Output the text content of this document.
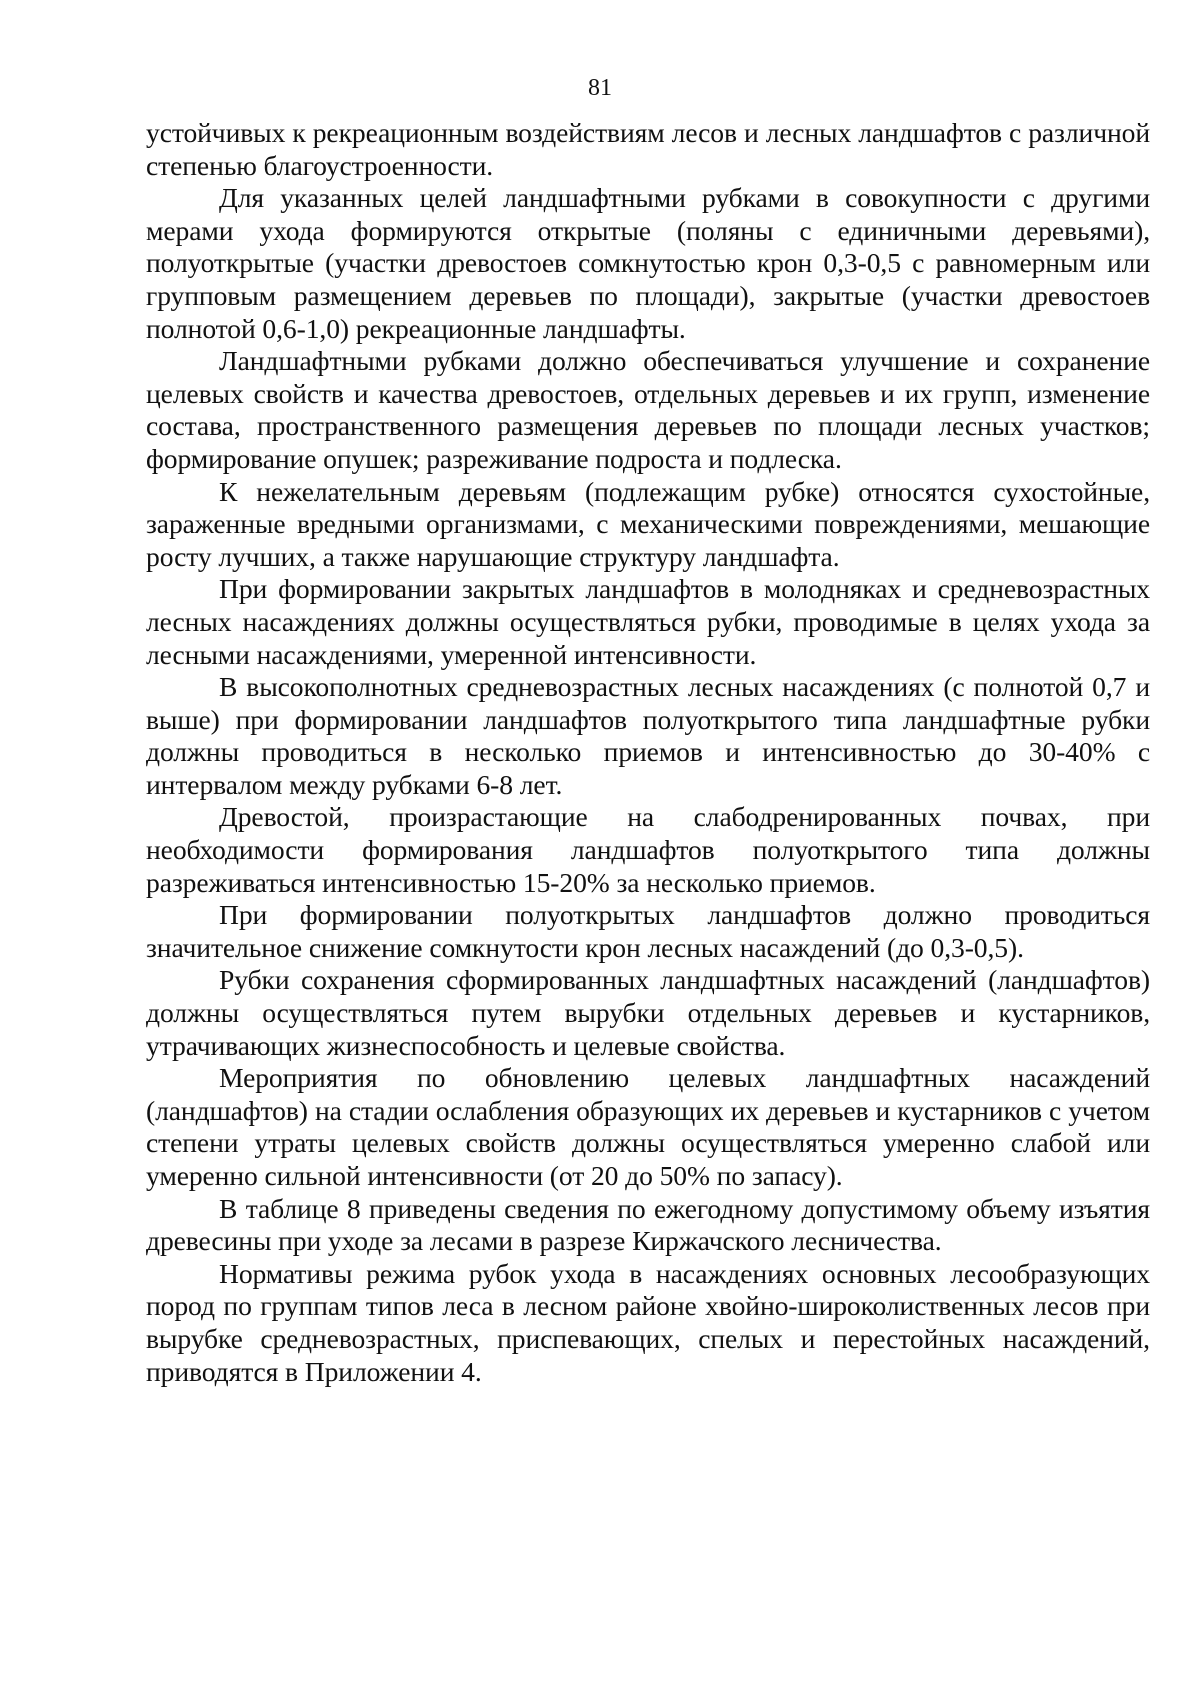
81

устойчивых к рекреационным воздействиям лесов и лесных ландшафтов с различной степенью благоустроенности.

Для указанных целей ландшафтными рубками в совокупности с другими мерами ухода формируются открытые (поляны с единичными деревьями), полуоткрытые (участки древостоев сомкнутостью крон 0,3-0,5 с равномерным или групповым размещением деревьев по площади), закрытые (участки древостоев полнотой 0,6-1,0) рекреационные ландшафты.

Ландшафтными рубками должно обеспечиваться улучшение и сохранение целевых свойств и качества древостоев, отдельных деревьев и их групп, изменение состава, пространственного размещения деревьев по площади лесных участков; формирование опушек; разреживание подроста и подлеска.

К нежелательным деревьям (подлежащим рубке) относятся сухостойные, зараженные вредными организмами, с механическими повреждениями, мешающие росту лучших, а также нарушающие структуру ландшафта.

При формировании закрытых ландшафтов в молодняках и средневозрастных лесных насаждениях должны осуществляться рубки, проводимые в целях ухода за лесными насаждениями, умеренной интенсивности.

В высокополнотных средневозрастных лесных насаждениях (с полнотой 0,7 и выше) при формировании ландшафтов полуоткрытого типа ландшафтные рубки должны проводиться в несколько приемов и интенсивностью до 30-40% с интервалом между рубками 6-8 лет.

Древостой, произрастающие на слабодренированных почвах, при необходимости формирования ландшафтов полуоткрытого типа должны разреживаться интенсивностью 15-20% за несколько приемов.

При формировании полуоткрытых ландшафтов должно проводиться значительное снижение сомкнутости крон лесных насаждений (до 0,3-0,5).

Рубки сохранения сформированных ландшафтных насаждений (ландшафтов) должны осуществляться путем вырубки отдельных деревьев и кустарников, утрачивающих жизнеспособность и целевые свойства.

Мероприятия по обновлению целевых ландшафтных насаждений (ландшафтов) на стадии ослабления образующих их деревьев и кустарников с учетом степени утраты целевых свойств должны осуществляться умеренно слабой или умеренно сильной интенсивности (от 20 до 50% по запасу).

В таблице 8 приведены сведения по ежегодному допустимому объему изъятия древесины при уходе за лесами в разрезе Киржачского лесничества.

Нормативы режима рубок ухода в насаждениях основных лесообразующих пород по группам типов леса в лесном районе хвойно-широколиственных лесов при вырубке средневозрастных, приспевающих, спелых и перестойных насаждений, приводятся в Приложении 4.
